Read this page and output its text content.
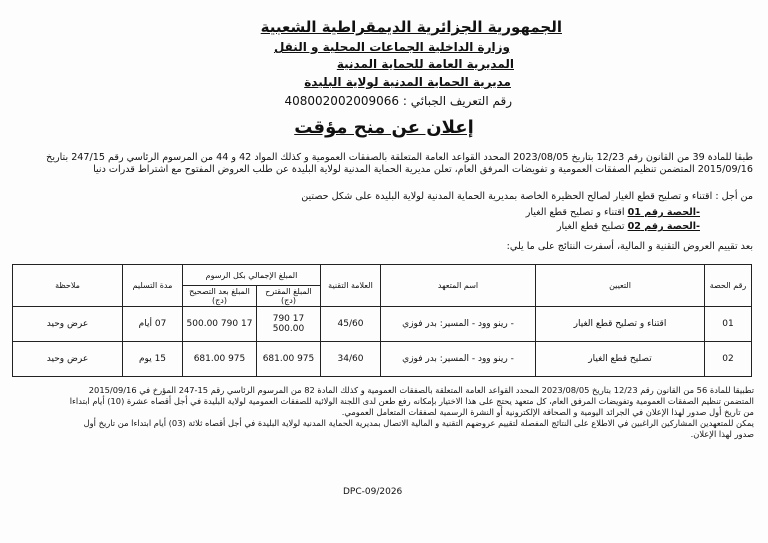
الجمهورية الجزائرية الديمقراطية الشعبية
وزارة الداخلية الجماعات المحلية و النقل
المديرية العامة للحماية المدنية
مديرية الحماية المدنية لولاية البليدة
رقم التعريف الجبائي : 408002002009066
إعلان عن منح مؤقت
طبقا للمادة 39 من القانون رقم 12/23 بتاريخ 2023/08/05 المحدد القواعد العامة المتعلقة بالصفقات العمومية و كذلك المواد 42 و 44 من المرسوم الرئاسي رقم 247/15 بتاريخ
2015/09/16 المتضمن تنظيم الصفقات العمومية و تفويضات المرفق العام، تعلن مديرية الحماية المدنية لولاية البليدة عن طلب العروض المفتوح مع اشتراط قدرات دنيا
من أجل : اقتناء و تصليح قطع الغيار لصالح الحظيرة الخاصة بمديرية الحماية المدنية لولاية البليدة على شكل حصتين
-الحصة رقم 01 اقتناء و تصليح قطع الغيار
-الحصة رقم 02 تصليح قطع الغيار
بعد تقييم العروض التقنية و المالية، أسفرت النتائج على ما يلي:
رقم الحصة	التعيين	اسم المتعهد	العلامة التقنية	المبلغ الإجمالي بكل الرسوم		مدة التسليم	ملاحظة
				المبلغ المقترح (دج)	المبلغ بعد التصحيح (دج)		
01	اقتناء و تصليح قطع الغيار	- رينو وود - المسير: بدر فوزي	45/60	17 790 500.00	17 790 500.00	07 أيام	عرض وحيد
02	تصليح قطع الغيار	- رينو وود - المسير: بدر فوزي	34/60	975 681.00	975 681.00	15 يوم	عرض وحيد
تطبيقا للمادة 56 من القانون رقم 12/23 بتاريخ 2023/08/05 المحدد القواعد العامة المتعلقة بالصفقات العمومية و كذلك المادة 82 من المرسوم الرئاسي رقم 15-247 المؤرخ في 2015/09/16
المتضمن تنظيم الصفقات العمومية وتفويضات المرفق العام، كل متعهد يحتج على هذا الاختيار بإمكانه رفع طعن لدى اللجنة الولائية للصفقات العمومية لولاية البليدة في أجل أقصاه عشرة (10) أيام ابتداءا
من تاريخ أول صدور لهذا الإعلان في الجرائد اليومية و الصحافة الإلكترونية أو النشرة الرسمية لصفقات المتعامل العمومي.
يمكن للمتعهدين المشاركين الراغبين في الاطلاع على النتائج المفصلة لتقييم عروضهم التقنية و المالية الاتصال بمديرية الحماية المدنية لولاية البليدة في أجل أقصاه ثلاثة (03) أيام ابتداءا من تاريخ أول
صدور لهذا الإعلان.
DPC-09/2026
